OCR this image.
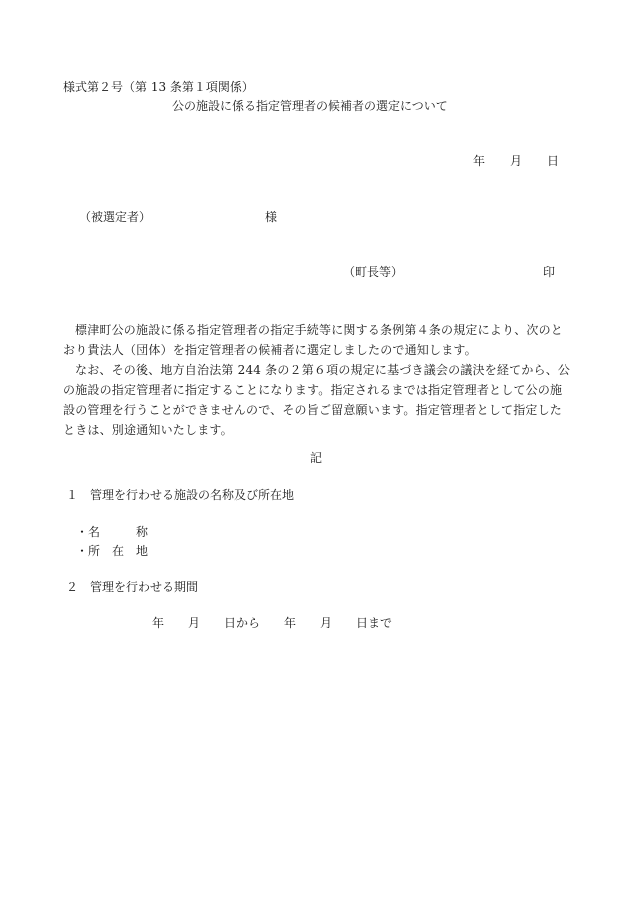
様式第２号（第 13 条第１項関係）
公の施設に係る指定管理者の候補者の選定について
年 月 日
（被選定者）	様
（町長等）	印

標津町公の施設に係る指定管理者の指定手続等に関する条例第４条の規定により、次のとおり貴法人（団体）を指定管理者の候補者に選定しましたので通知します。

なお、その後、地方自治法第 244 条の２第６項の規定に基づき議会の議決を経てから、公の施設の指定管理者に指定することになります。指定されるまでは指定管理者として公の施設の管理を行うことができませんので、その旨ご留意願います。指定管理者として指定したときは、別途通知いたします。

記
１　管理を行わせる施設の名称及び所在地
・名　　　称
・所　在　地
２　管理を行わせる期間
年　　月　　日から　　年　　月　　日まで
